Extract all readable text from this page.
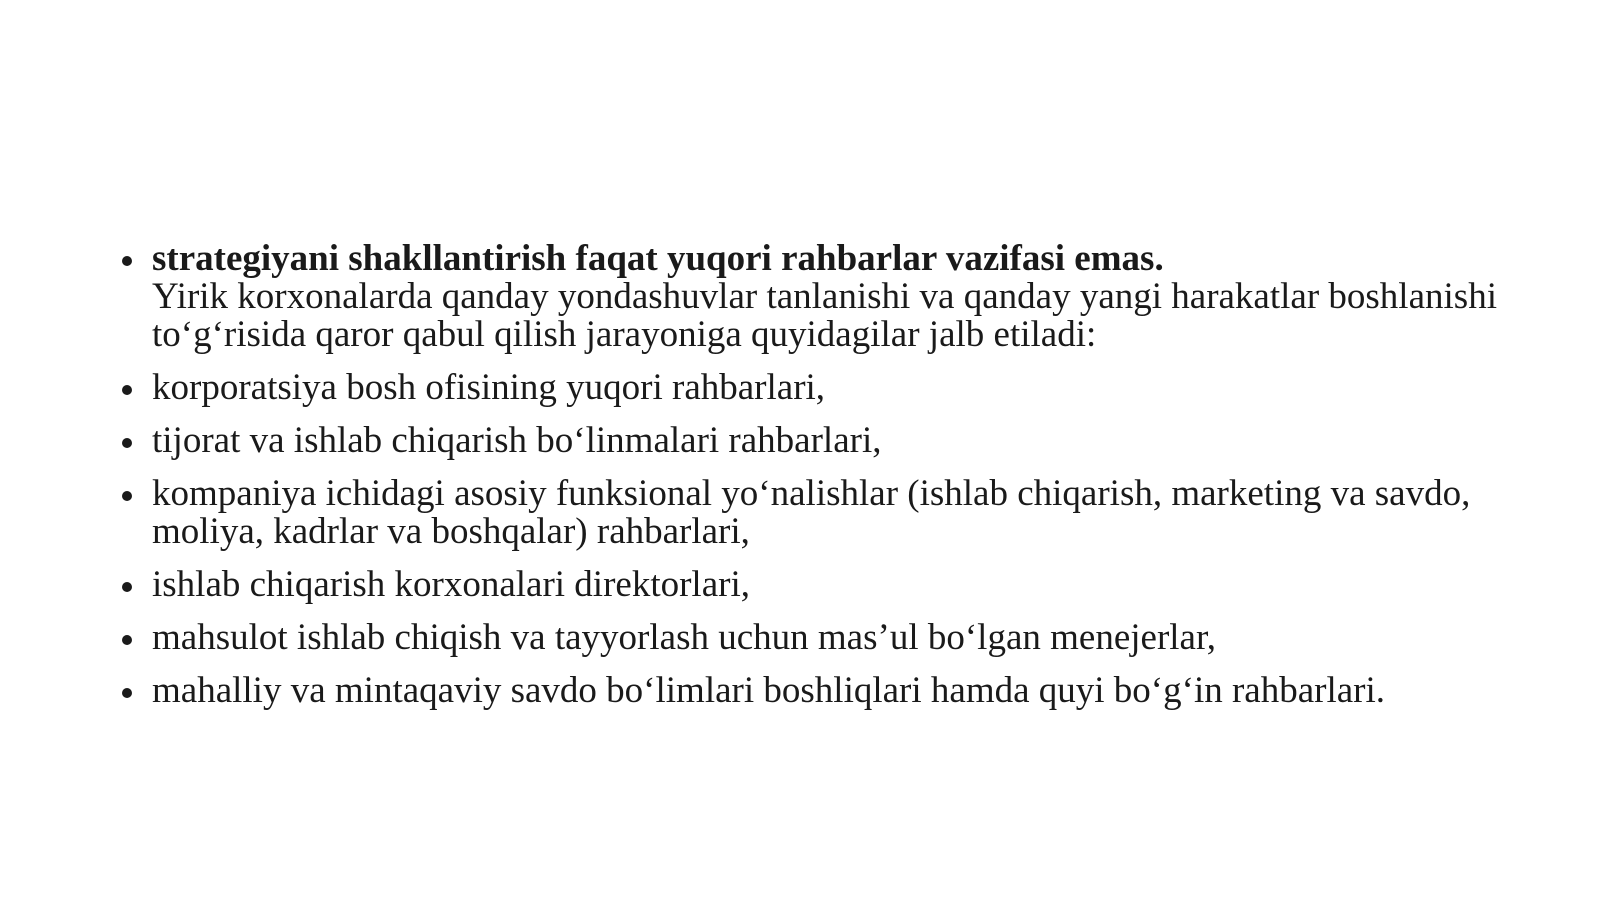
strategiyani shakllantirish faqat yuqori rahbarlar vazifasi emas.
Yirik korxonalarda qanday yondashuvlar tanlanishi va qanday yangi harakatlar boshlanishi to‘g‘risida qaror qabul qilish jarayoniga quyidagilar jalb etiladi:
korporatsiya bosh ofisining yuqori rahbarlari,
tijorat va ishlab chiqarish bo‘linmalari rahbarlari,
kompaniya ichidagi asosiy funksional yo‘nalishlar (ishlab chiqarish, marketing va savdo, moliya, kadrlar va boshqalar) rahbarlari,
ishlab chiqarish korxonalari direktorlari,
mahsulot ishlab chiqish va tayyorlash uchun mas’ul bo‘lgan menejerlar,
mahalliy va mintaqaviy savdo bo‘limlari boshliqlari hamda quyi bo‘g‘in rahbarlari.
